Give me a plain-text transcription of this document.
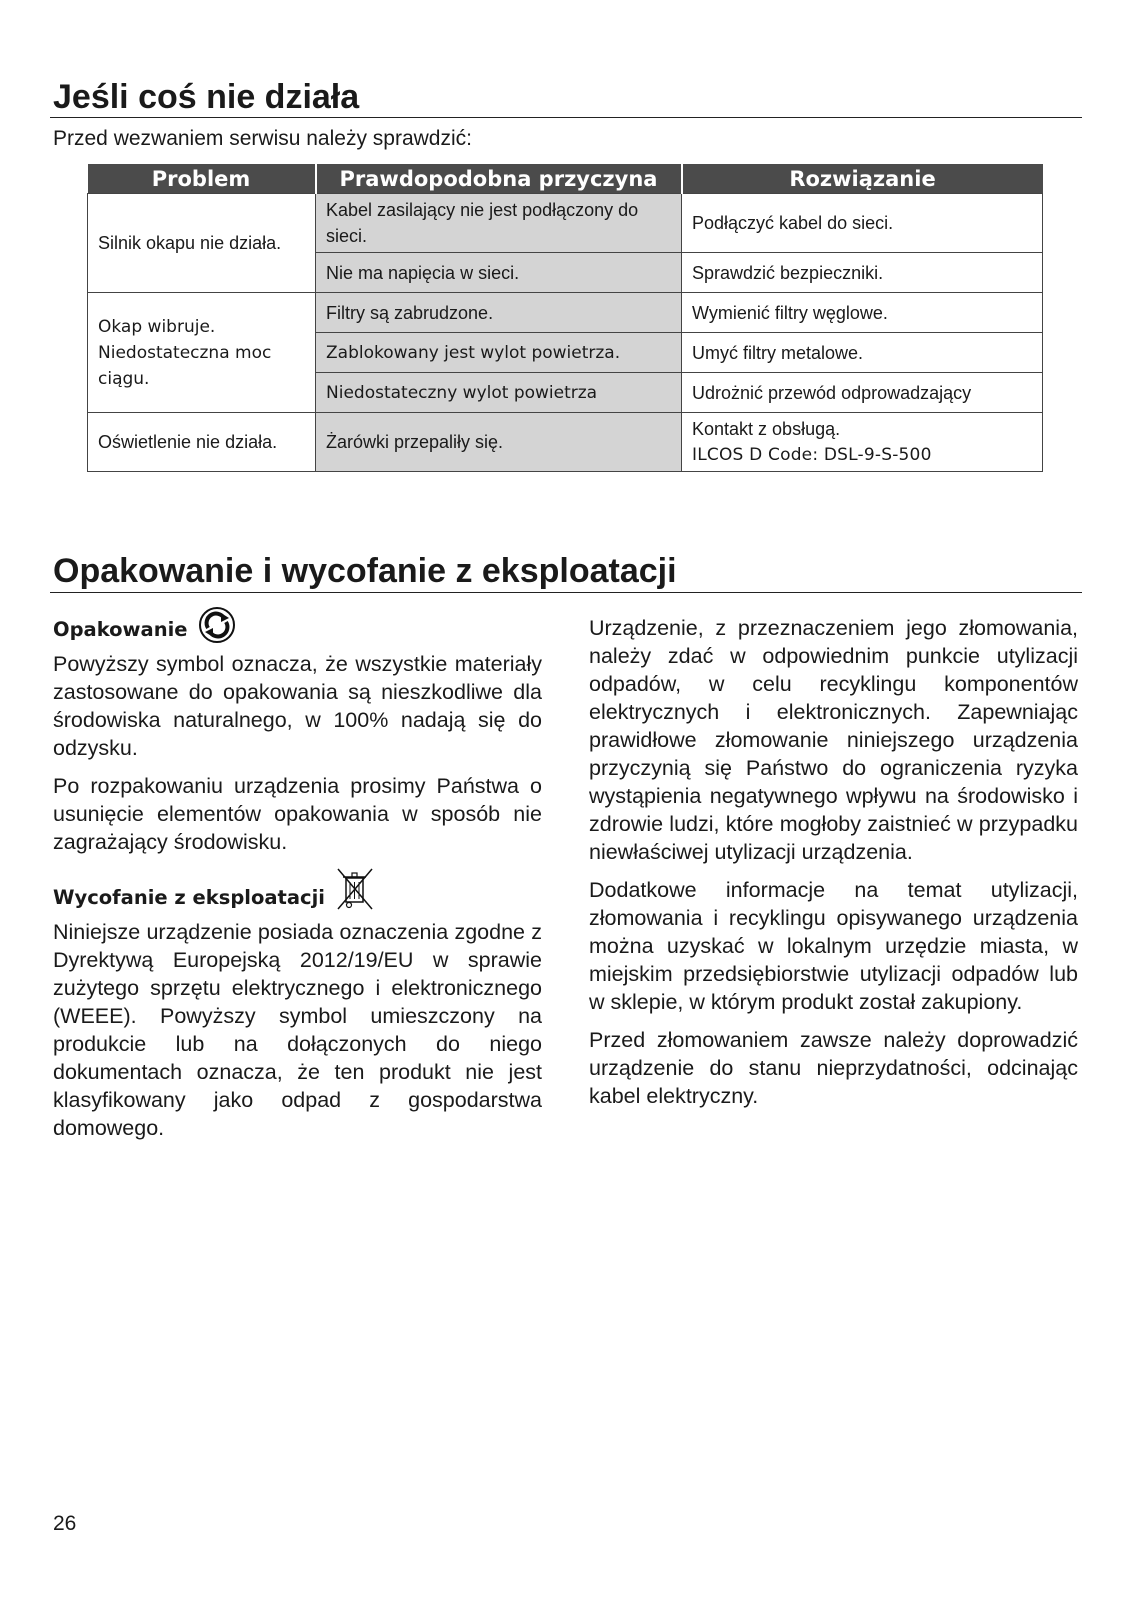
Jeśli coś nie działa

Przed wezwaniem serwisu należy sprawdzić:

Problem	Prawdopodobna przyczyna	Rozwiązanie
Silnik okapu nie działa.	Kabel zasilający nie jest podłączony do sieci.	Podłączyć kabel do sieci.
	Nie ma napięcia w sieci.	Sprawdzić bezpieczniki.
Okap wibruje. Niedostateczna moc ciągu.	Filtry są zabrudzone.	Wymienić filtry węglowe.
	Zablokowany jest wylot powietrza.	Umyć filtry metalowe.
	Niedostateczny wylot powietrza	Udrożnić przewód odprowadzający
Oświetlenie nie działa.	Żarówki przepaliły się.	Kontakt z obsługą.
ILCOS D Code: DSL-9-S-500
Opakowanie i wycofanie z eksploatacji
Opakowanie

Powyższy symbol oznacza, że wszystkie materiały zastosowane do opakowania są nieszkodliwe dla środowiska naturalnego, w 100% nadają się do odzysku.

Po rozpakowaniu urządzenia prosimy Państwa o usunięcie elementów opakowania w sposób nie zagrażający środowisku.

Wycofanie z eksploatacji

Niniejsze urządzenie posiada oznaczenia zgodne z Dyrektywą Europejską 2012/19/EU w sprawie zużytego sprzętu elektrycznego i elektronicznego (WEEE). Powyższy symbol umieszczony na produkcie lub na dołączonych do niego dokumentach oznacza, że ten produkt nie jest klasyfikowany jako odpad z gospodarstwa domowego.

Urządzenie, z przeznaczeniem jego złomowania, należy zdać w odpowiednim punkcie utylizacji odpadów, w celu recyklingu komponentów elektrycznych i elektronicznych. Zapewniając prawidłowe złomowanie niniejszego urządzenia przyczynią się Państwo do ograniczenia ryzyka wystąpienia negatywnego wpływu na środowisko i zdrowie ludzi, które mogłoby zaistnieć w przypadku niewłaściwej utylizacji urządzenia.

Dodatkowe informacje na temat utylizacji, złomowania i recyklingu opisywanego urządzenia można uzyskać w lokalnym urzędzie miasta, w miejskim przedsiębiorstwie utylizacji odpadów lub w sklepie, w którym produkt został zakupiony.

Przed złomowaniem zawsze należy doprowadzić urządzenie do stanu nieprzydatności, odcinając kabel elektryczny.

26
